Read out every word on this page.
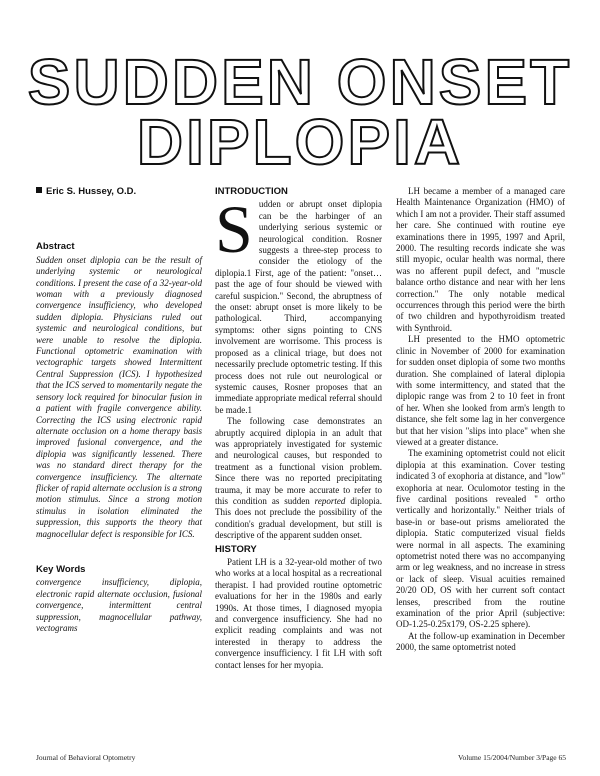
SUDDEN ONSET
DIPLOPIA
Eric S. Hussey, O.D.
Abstract

Sudden onset diplopia can be the result of underlying systemic or neurological conditions. I present the case of a 32-year-old woman with a previously diagnosed convergence insufficiency, who developed sudden diplopia. Physicians ruled out systemic and neurological conditions, but were unable to resolve the diplopia. Functional optometric examination with vectographic targets showed Intermittent Central Suppression (ICS). I hypothesized that the ICS served to momentarily negate the sensory lock required for binocular fusion in a patient with fragile convergence ability. Correcting the ICS using electronic rapid alternate occlusion on a home therapy basis improved fusional convergence, and the diplopia was significantly lessened. There was no standard direct therapy for the convergence insufficiency. The alternate flicker of rapid alternate occlusion is a strong motion stimulus. Since a strong motion stimulus in isolation eliminated the suppression, this supports the theory that magnocellular defect is responsible for ICS.

Key Words

convergence insufficiency, diplopia, electronic rapid alternate occlusion, fusional convergence, intermittent central suppression, magnocellular pathway, vectograms

INTRODUCTION

Sudden or abrupt onset diplopia can be the harbinger of an underlying serious systemic or neurological condition. Rosner suggests a three-step process to consider the etiology of the diplopia.1 First, age of the patient: "onset…past the age of four should be viewed with careful suspicion." Second, the abruptness of the onset: abrupt onset is more likely to be pathological. Third, accompanying symptoms: other signs pointing to CNS involvement are worrisome. This process is proposed as a clinical triage, but does not necessarily preclude optometric testing. If this process does not rule out neurological or systemic causes, Rosner proposes that an immediate appropriate medical referral should be made.1

The following case demonstrates an abruptly acquired diplopia in an adult that was appropriately investigated for systemic and neurological causes, but responded to treatment as a functional vision problem. Since there was no reported precipitating trauma, it may be more accurate to refer to this condition as sudden reported diplopia. This does not preclude the possibility of the condition's gradual development, but still is descriptive of the apparent sudden onset.

HISTORY

Patient LH is a 32-year-old mother of two who works at a local hospital as a recreational therapist. I had provided routine optometric evaluations for her in the 1980s and early 1990s. At those times, I diagnosed myopia and convergence insufficiency. She had no explicit reading complaints and was not interested in therapy to address the convergence insufficiency. I fit LH with soft contact lenses for her myopia.

LH became a member of a managed care Health Maintenance Organization (HMO) of which I am not a provider. Their staff assumed her care. She continued with routine eye examinations there in 1995, 1997 and April, 2000. The resulting records indicate she was still myopic, ocular health was normal, there was no afferent pupil defect, and "muscle balance ortho distance and near with her lens correction." The only notable medical occurrences through this period were the birth of two children and hypothyroidism treated with Synthroid.

LH presented to the HMO optometric clinic in November of 2000 for examination for sudden onset diplopia of some two months duration. She complained of lateral diplopia with some intermittency, and stated that the diplopic range was from 2 to 10 feet in front of her. When she looked from arm's length to distance, she felt some lag in her convergence but that her vision "slips into place" when she viewed at a greater distance.

The examining optometrist could not elicit diplopia at this examination. Cover testing indicated 3 of exophoria at distance, and "low" exophoria at near. Oculomotor testing in the five cardinal positions revealed " ortho vertically and horizontally." Neither trials of base-in or base-out prisms ameliorated the diplopia. Static computerized visual fields were normal in all aspects. The examining optometrist noted there was no accompanying arm or leg weakness, and no increase in stress or lack of sleep. Visual acuities remained 20/20 OD, OS with her current soft contact lenses, prescribed from the routine examination of the prior April (subjective: OD-1.25-0.25x179, OS-2.25 sphere).

At the follow-up examination in December 2000, the same optometrist noted

Journal of Behavioral Optometry	Volume 15/2004/Number 3/Page 65
